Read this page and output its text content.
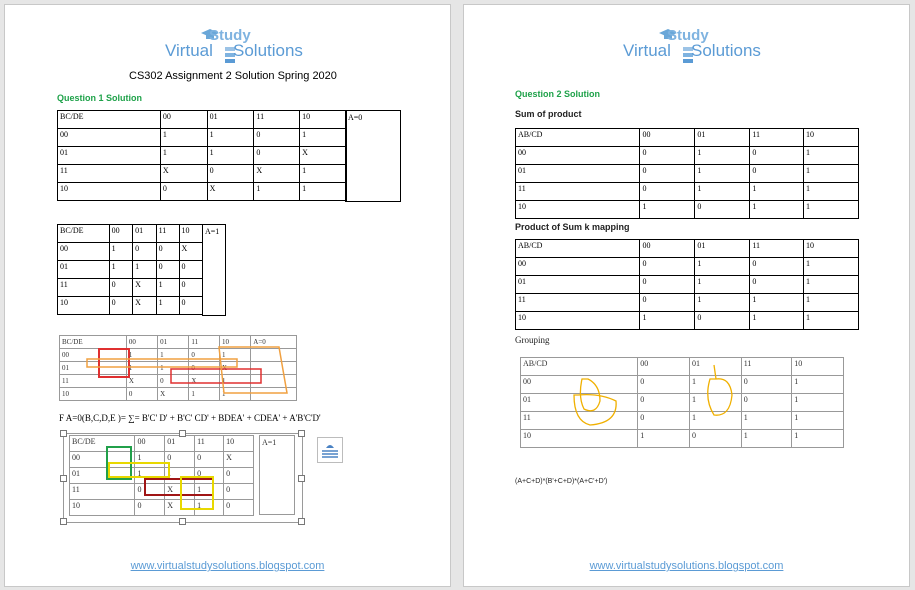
Study
Virtual Solutions
CS302 Assignment 2 Solution Spring 2020
Question 1 Solution
BC/DE	00	01	11	10
00	1	1	0	1
01	1	1	0	X
11	X	0	X	1
10	0	X	1	1
A=0
BC/DE	00	01	11	10
00	1	0	0	X
01	1	1	0	0
11	0	X	1	0
10	0	X	1	0
A=1
BC/DE	00	01	11	10	A=0
00	1	1	0	1	
01	1	1	0	X	
11	X	0	X	1	
10	0	X	1	1	
F A=0(B,C,D,E )= ∑= B'C' D' + B'C' CD' + BDEA' + CDEA' + A'B'C'D'
BC/DE	00	01	11	10
00	1	0	0	X
01	1	1	0	0
11	0	X	1	0
10	0	X	1	0
A=1
www.virtualstudysolutions.blogspot.com
Study
Virtual Solutions
Question 2 Solution
Sum of product
AB/CD	00	01	11	10
00	0	1	0	1
01	0	1	0	1
11	0	1	1	1
10	1	0	1	1
Product of Sum k mapping
AB/CD	00	01	11	10
00	0	1	0	1
01	0	1	0	1
11	0	1	1	1
10	1	0	1	1
Grouping
AB/CD	00	01	11	10
00	0	1	0	1
01	0	1	0	1
11	0	1	1	1
10	1	0	1	1
(A+C+D)*(B'+C+D)*(A+C'+D')
www.virtualstudysolutions.blogspot.com
